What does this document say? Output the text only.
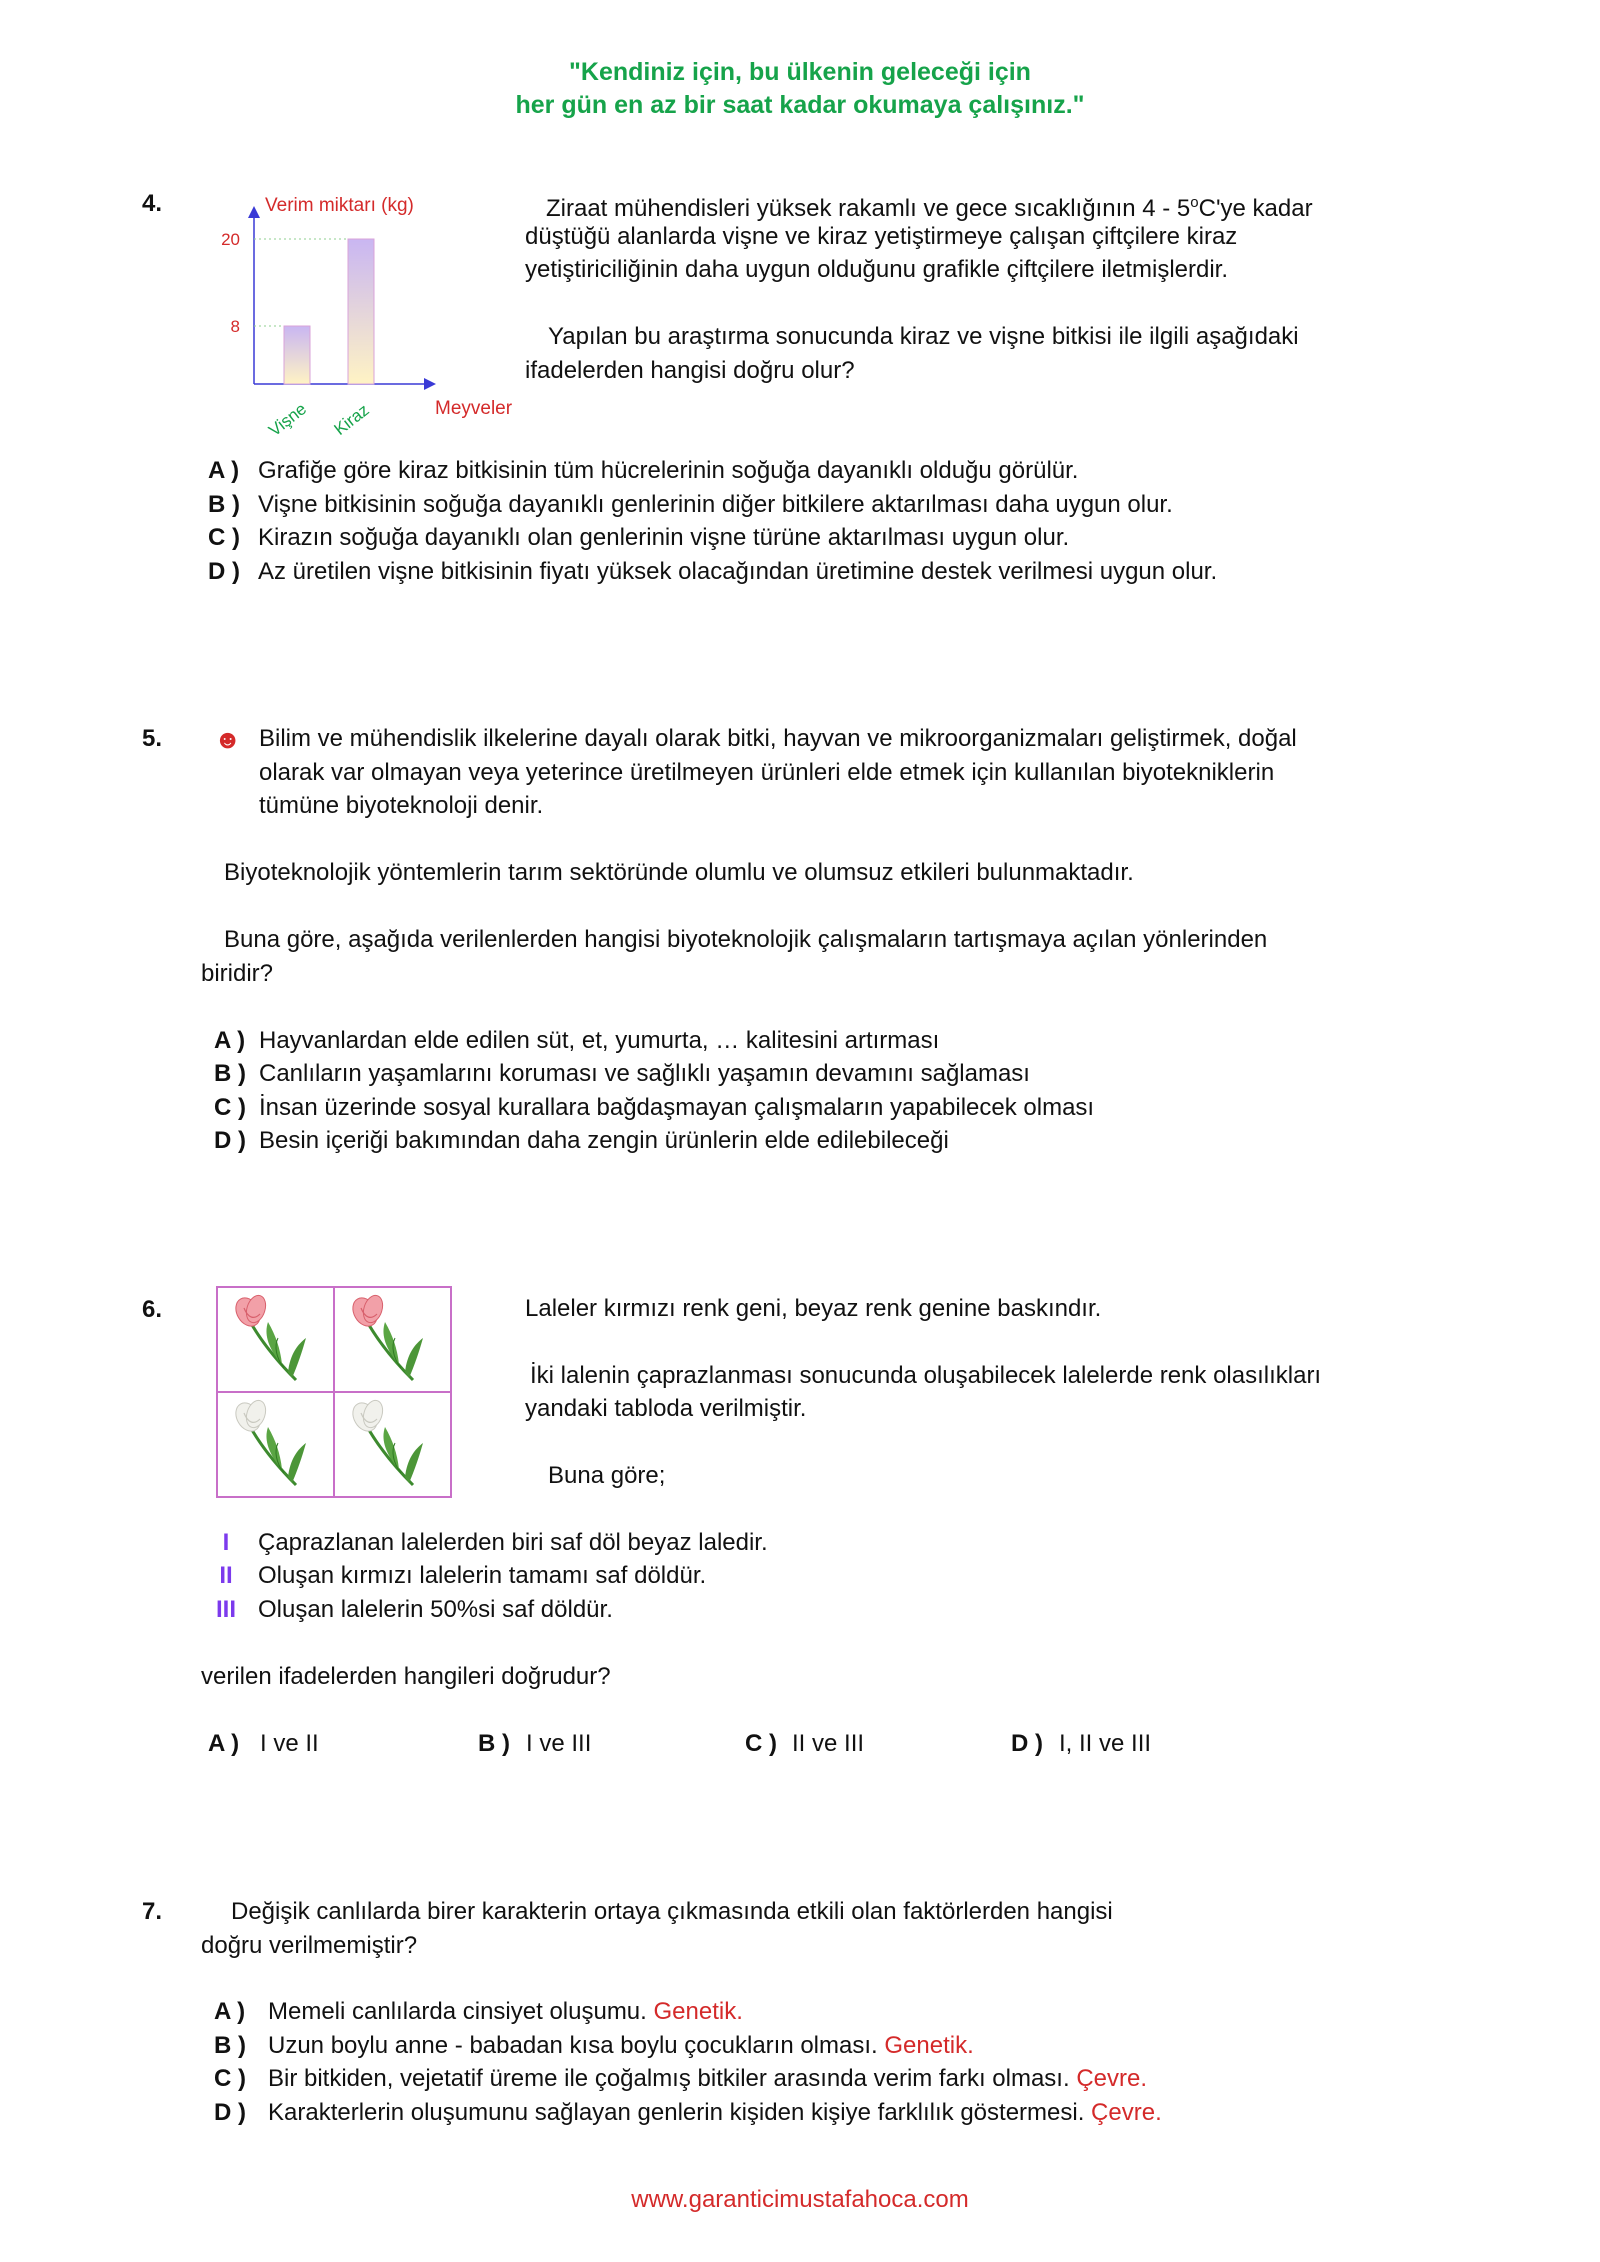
"Kendiniz için, bu ülkenin geleceği için
her gün en az bir saat kadar okumaya çalışınız."
4.	Verim miktarı (kg)
Meyveler
8
20
Vişne Kiraz
Ziraat mühendisleri yüksek rakamlı ve gece sıcaklığının 4 - 5$^o$C'ye kadar
düştüğü alanlarda vişne ve kiraz yetiştirmeye çalışan çiftçilere kiraz
yetiştiriciliğinin daha uygun olduğunu grafikle çiftçilere iletmişlerdir.
Yapılan bu araştırma sonucunda kiraz ve vişne bitkisi ile ilgili aşağıdaki
ifadelerden hangisi doğru olur?
A ) Grafiğe göre kiraz bitkisinin tüm hücrelerinin soğuğa dayanıklı olduğu görülür.
B ) Vişne bitkisinin soğuğa dayanıklı genlerinin diğer bitkilere aktarılması daha uygun olur.
C ) Kirazın soğuğa dayanıklı olan genlerinin vişne türüne aktarılması uygun olur.
D ) Az üretilen vişne bitkisinin fiyatı yüksek olacağından üretimine destek verilmesi uygun olur.
5. ☻ Bilim ve mühendislik ilkelerine dayalı olarak bitki, hayvan ve mikroorganizmaları geliştirmek, doğal
olarak var olmayan veya yeterince üretilmeyen ürünleri elde etmek için kullanılan biyotekniklerin
tümüne biyoteknoloji denir.
Biyoteknolojik yöntemlerin tarım sektöründe olumlu ve olumsuz etkileri bulunmaktadır.
Buna göre, aşağıda verilenlerden hangisi biyoteknolojik çalışmaların tartışmaya açılan yönlerinden
biridir?
A ) Hayvanlardan elde edilen süt, et, yumurta, … kalitesini artırması
B ) Canlıların yaşamlarını koruması ve sağlıklı yaşamın devamını sağlaması
C ) İnsan üzerinde sosyal kurallara bağdaşmayan çalışmaların yapabilecek olması
D ) Besin içeriği bakımından daha zengin ürünlerin elde edilebileceği
6.	Laleler kırmızı renk geni, beyaz renk genine baskındır.
İki lalenin çaprazlanması sonucunda oluşabilecek lalelerde renk olasılıkları
yandaki tabloda verilmiştir.
Buna göre;
I Çaprazlanan lalelerden biri saf döl beyaz laledir.
II Oluşan kırmızı lalelerin tamamı saf döldür.
III Oluşan lalelerin 50%si saf döldür.
verilen ifadelerden hangileri doğrudur?
A ) I ve II	B ) I ve III	C ) II ve III	D ) I, II ve III
7.	Değişik canlılarda birer karakterin ortaya çıkmasında etkili olan faktörlerden hangisi
doğru verilmemiştir?
A ) Memeli canlılarda cinsiyet oluşumu. Genetik.
B ) Uzun boylu anne - babadan kısa boylu çocukların olması. Genetik.
C ) Bir bitkiden, vejetatif üreme ile çoğalmış bitkiler arasında verim farkı olması. Çevre.
D ) Karakterlerin oluşumunu sağlayan genlerin kişiden kişiye farklılık göstermesi. Çevre.
www.garanticimustafahoca.com
